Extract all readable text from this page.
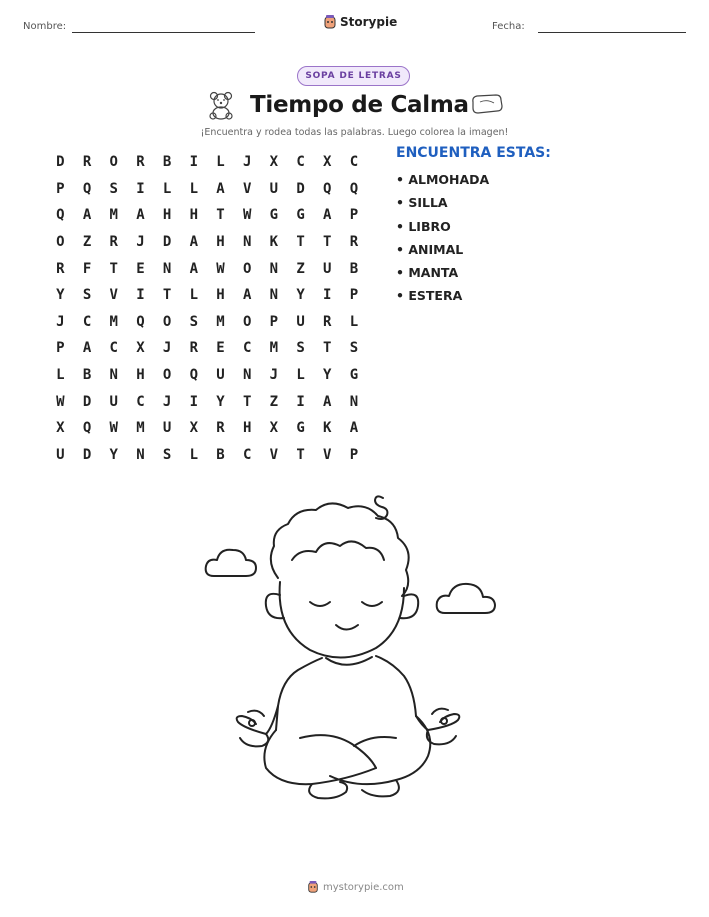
Nombre:	Storypie	Fecha:
SOPA DE LETRAS
Tiempo de Calma
¡Encuentra y rodea todas las palabras. Luego colorea la imagen!
D	R	O	R	B	I	L	J	X	C	X	C
P	Q	S	I	L	L	A	V	U	D	Q	Q
Q	A	M	A	H	H	T	W	G	G	A	P
O	Z	R	J	D	A	H	N	K	T	T	R
R	F	T	E	N	A	W	O	N	Z	U	B
Y	S	V	I	T	L	H	A	N	Y	I	P
J	C	M	Q	O	S	M	O	P	U	R	L
P	A	C	X	J	R	E	C	M	S	T	S
L	B	N	H	O	Q	U	N	J	L	Y	G
W	D	U	C	J	I	Y	T	Z	I	A	N
X	Q	W	M	U	X	R	H	X	G	K	A
U	D	Y	N	S	L	B	C	V	T	V	P
ENCUENTRA ESTAS:
• ALMOHADA
• SILLA
• LIBRO
• ANIMAL
• MANTA
• ESTERA
mystorypie.com
